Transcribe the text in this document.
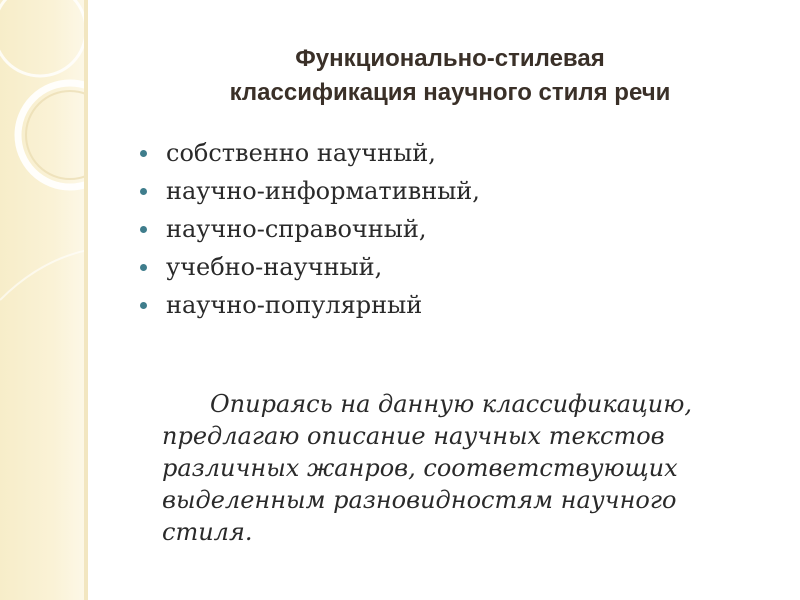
Функционально-стилевая
классификация научного стиля речи
собственно научный,
научно-информативный,
научно-справочный,
учебно-научный,
научно-популярный

Опираясь на данную классификацию, предлагаю описание научных текстов различных жанров, соответствующих выделенным разновидностям научного стиля.
